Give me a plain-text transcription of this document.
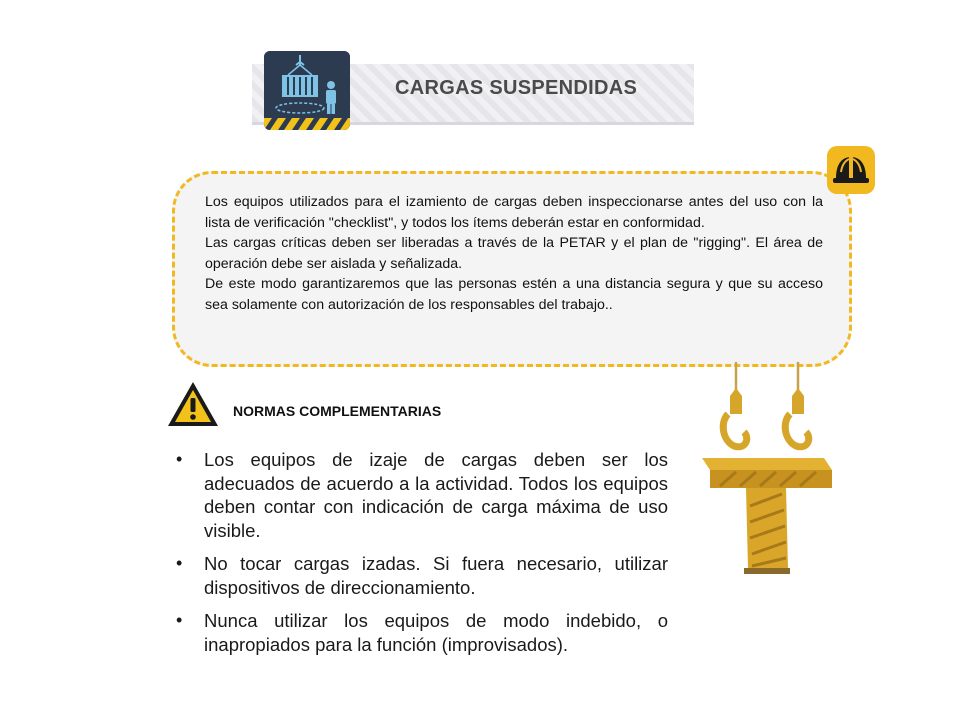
CARGAS SUSPENDIDAS

Los equipos utilizados para el izamiento de cargas deben inspeccionarse antes del uso con la lista de verificación "checklist", y todos los ítems deberán estar en conformidad.

Las cargas críticas deben ser liberadas a través de la PETAR y el plan de "rigging". El área de operación debe ser aislada y señalizada.

De este modo garantizaremos que las personas estén a una distancia segura y que su acceso sea solamente con autorización de los responsables del trabajo..

NORMAS COMPLEMENTARIAS
• Los equipos de izaje de cargas deben ser los adecuados de acuerdo a la actividad. Todos los equipos deben contar con indicación de carga máxima de uso visible.
• No tocar cargas izadas. Si fuera necesario, utilizar dispositivos de direccionamiento.
• Nunca utilizar los equipos de modo indebido, o inapropiados para la función (improvisados).
